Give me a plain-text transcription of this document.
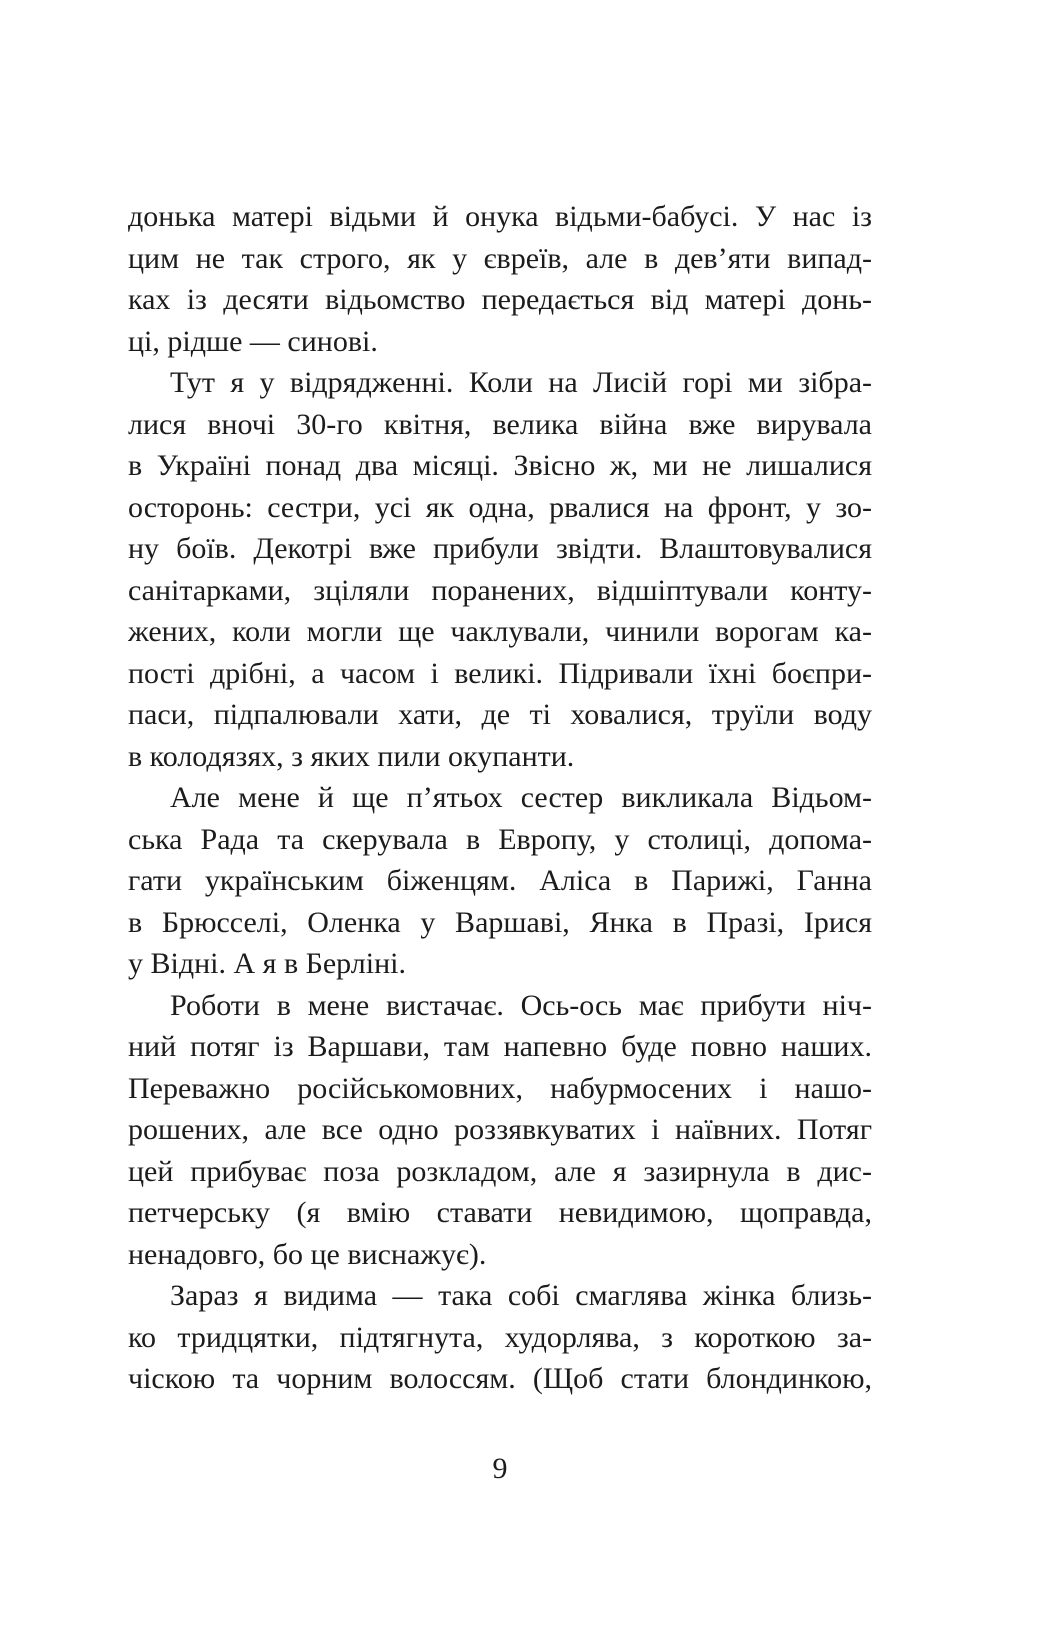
донька матері відьми й онука відьми-бабусі. У нас із
цим не так строго, як у євреїв, але в дев’яти випад-
ках із десяти відьомство передається від матері донь-
ці, рідше — синові.
Тут я у відрядженні. Коли на Лисій горі ми зібра-
лися вночі 30-го квітня, велика війна вже вирувала
в Україні понад два місяці. Звісно ж, ми не лишалися
осторонь: сестри, усі як одна, рвалися на фронт, у зо-
ну боїв. Декотрі вже прибули звідти. Влаштовувалися
санітарками, зціляли поранених, відшіптували конту-
жених, коли могли ще чаклували, чинили ворогам ка-
пості дрібні, а часом і великі. Підривали їхні боєпри-
паси, підпалювали хати, де ті ховалися, труїли воду
в колодязях, з яких пили окупанти.
Але мене й ще п’ятьох сестер викликала Відьом-
ська Рада та скерувала в Европу, у столиці, допома-
гати українським біженцям. Аліса в Парижі, Ганна
в Брюсселі, Оленка у Варшаві, Янка в Празі, Ірися
у Відні. А я в Берліні.
Роботи в мене вистачає. Ось-ось має прибути ніч-
ний потяг із Варшави, там напевно буде повно наших.
Переважно російськомовних, набурмосених і нашо-
рошених, але все одно роззявкуватих і наївних. Потяг
цей прибуває поза розкладом, але я зазирнула в дис-
петчерську (я вмію ставати невидимою, щоправда,
ненадовго, бо це виснажує).
Зараз я видима — така собі смаглява жінка близь-
ко тридцятки, підтягнута, худорлява, з короткою за-
чіскою та чорним волоссям. (Щоб стати блондинкою,
9
